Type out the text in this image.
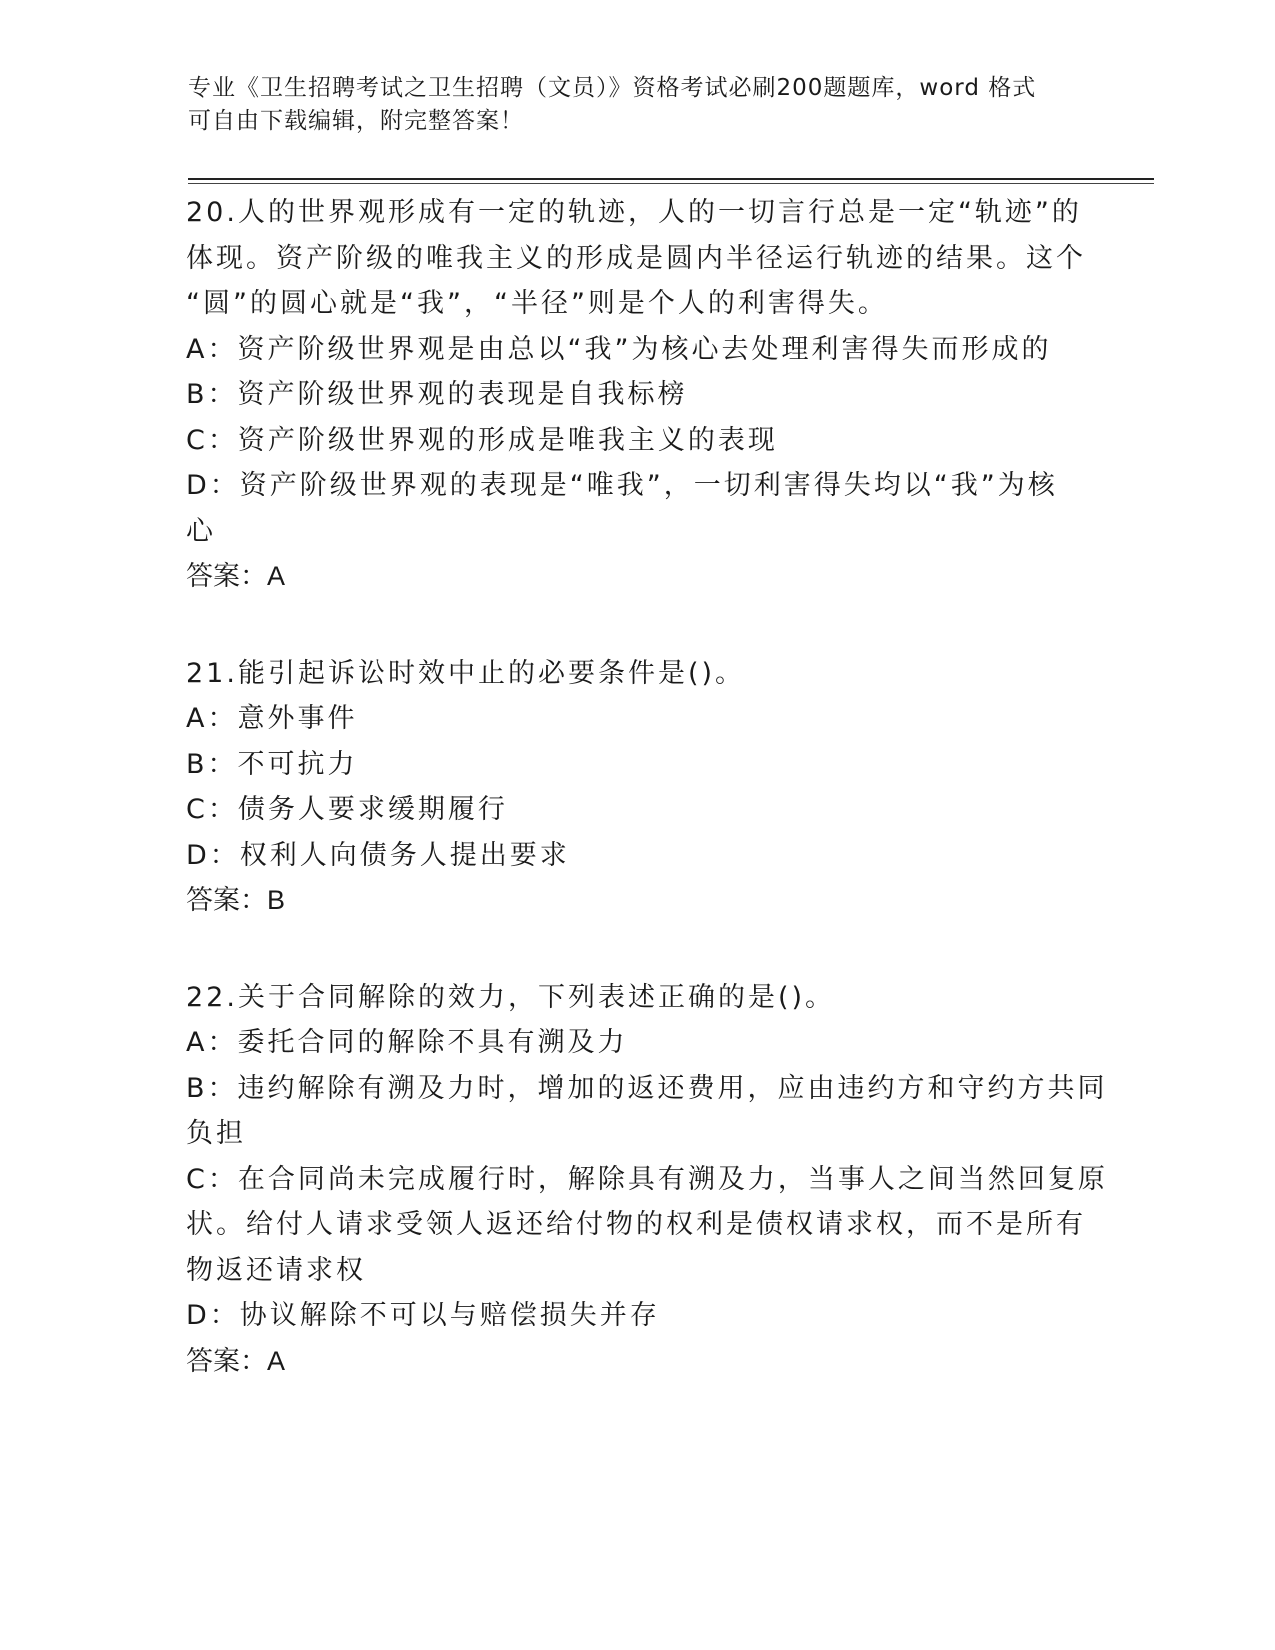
专业《卫生招聘考试之卫生招聘（文员）》资格考试必刷200题题库，word 格式
可自由下载编辑，附完整答案！
20.人的世界观形成有一定的轨迹，人的一切言行总是一定“轨迹”的
体现。资产阶级的唯我主义的形成是圆内半径运行轨迹的结果。这个
“圆”的圆心就是“我”，“半径”则是个人的利害得失。
A：资产阶级世界观是由总以“我”为核心去处理利害得失而形成的
B：资产阶级世界观的表现是自我标榜
C：资产阶级世界观的形成是唯我主义的表现
D：资产阶级世界观的表现是“唯我”，一切利害得失均以“我”为核
心
答案：A
21.能引起诉讼时效中止的必要条件是()。
A：意外事件
B：不可抗力
C：债务人要求缓期履行
D：权利人向债务人提出要求
答案：B
22.关于合同解除的效力，下列表述正确的是()。
A：委托合同的解除不具有溯及力
B：违约解除有溯及力时，增加的返还费用，应由违约方和守约方共同
负担
C：在合同尚未完成履行时，解除具有溯及力，当事人之间当然回复原
状。给付人请求受领人返还给付物的权利是债权请求权，而不是所有
物返还请求权
D：协议解除不可以与赔偿损失并存
答案：A
